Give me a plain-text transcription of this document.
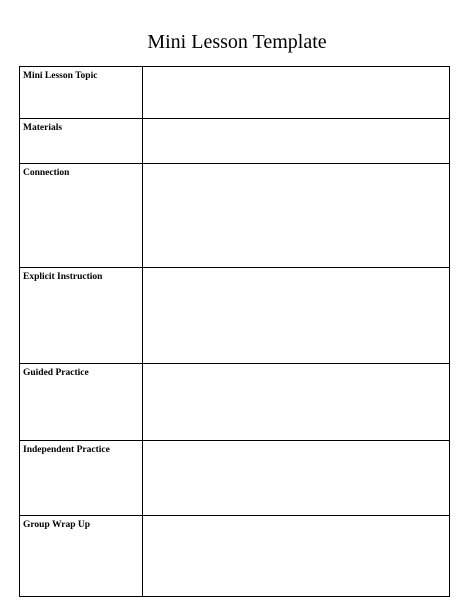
Mini Lesson Template
Mini Lesson Topic	
Materials	
Connection	
Explicit Instruction	
Guided Practice	
Independent Practice	
Group Wrap Up	
